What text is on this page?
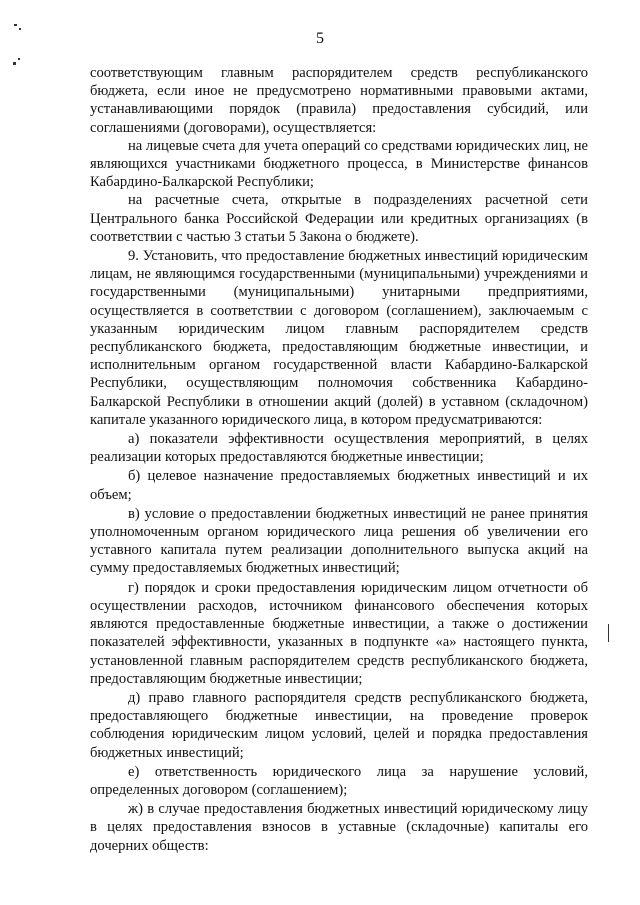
5

соответствующим главным распорядителем средств республиканского бюджета, если иное не предусмотрено нормативными правовыми актами, устанавливающими порядок (правила) предоставления субсидий, или соглашениями (договорами), осуществляется:

на лицевые счета для учета операций со средствами юридических лиц, не являющихся участниками бюджетного процесса, в Министерстве финансов Кабардино-Балкарской Республики;

на расчетные счета, открытые в подразделениях расчетной сети Центрального банка Российской Федерации или кредитных организациях (в соответствии с частью 3 статьи 5 Закона о бюджете).

9. Установить, что предоставление бюджетных инвестиций юридическим лицам, не являющимся государственными (муниципальными) учреждениями и государственными (муниципальными) унитарными предприятиями, осуществляется в соответствии с договором (соглашением), заключаемым с указанным юридическим лицом главным распорядителем средств республиканского бюджета, предоставляющим бюджетные инвестиции, и исполнительным органом государственной власти Кабардино-Балкарской Республики, осуществляющим полномочия собственника Кабардино-Балкарской Республики в отношении акций (долей) в уставном (складочном) капитале указанного юридического лица, в котором предусматриваются:

а) показатели эффективности осуществления мероприятий, в целях реализации которых предоставляются бюджетные инвестиции;

б) целевое назначение предоставляемых бюджетных инвестиций и их объем;

в) условие о предоставлении бюджетных инвестиций не ранее принятия уполномоченным органом юридического лица решения об увеличении его уставного капитала путем реализации дополнительного выпуска акций на сумму предоставляемых бюджетных инвестиций;

г) порядок и сроки предоставления юридическим лицом отчетности об осуществлении расходов, источником финансового обеспечения которых являются предоставленные бюджетные инвестиции, а также о достижении показателей эффективности, указанных в подпункте «а» настоящего пункта, установленной главным распорядителем средств республиканского бюджета, предоставляющим бюджетные инвестиции;

д) право главного распорядителя средств республиканского бюджета, предоставляющего бюджетные инвестиции, на проведение проверок соблюдения юридическим лицом условий, целей и порядка предоставления бюджетных инвестиций;

е) ответственность юридического лица за нарушение условий, определенных договором (соглашением);

ж) в случае предоставления бюджетных инвестиций юридическому лицу в целях предоставления взносов в уставные (складочные) капиталы его дочерних обществ:
